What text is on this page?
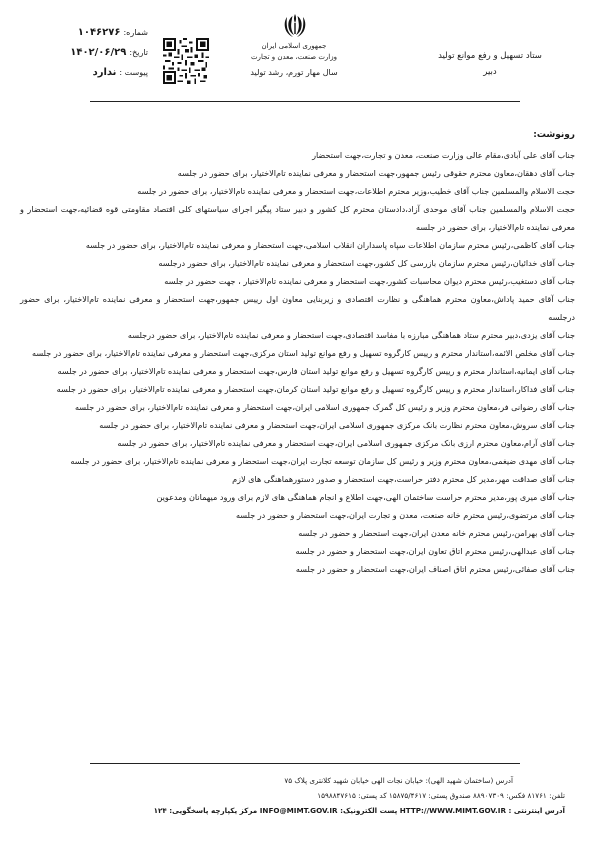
۱۰۴۶۲۷۶ شماره:
۱۴۰۲/۰۶/۲۹ تاریخ:
ندارد پیوست :
جمهوری اسلامی ایران
وزارت صنعت، معدن و تجارت
سال مهار تورم، رشد تولید
ستاد تسهیل و رفع موانع تولید
دبیر
رونوشت:

جناب آقای علی آبادی،مقام عالی وزارت صنعت، معدن و تجارت،جهت استحضار

جناب آقای دهقان،معاون محترم حقوقی رئیس جمهور،جهت استحضار و معرفی نماینده تام‌الاختیار، برای حضور در جلسه

حجت الاسلام والمسلمین جناب آقای خطیب،وزیر محترم اطلاعات،جهت استحضار و معرفی نماینده تام‌الاختیار، برای حضور در جلسه

حجت الاسلام والمسلمین جناب آقای موحدی آزاد،دادستان محترم کل کشور و دبیر ستاد پیگیر اجرای سیاستهای کلی اقتصاد مقاومتی قوه قضائیه،جهت استحضار و معرفی نماینده تام‌الاختیار، برای حضور در جلسه

جناب آقای کاظمی،رئیس محترم سازمان اطلاعات سپاه پاسداران انقلاب اسلامی،جهت استحضار و معرفی نماینده تام‌الاختیار، برای حضور در جلسه

جناب آقای خدائیان،رئیس محترم سازمان بازرسی کل کشور،جهت استحضار و معرفی نماینده تام‌الاختیار، برای حضور درجلسه

جناب آقای دستغیب،رئیس محترم دیوان محاسبات کشور،جهت استحضار و معرفی نماینده تام‌الاختیار ، جهت حضور در جلسه

جناب آقای حمید پاداش،معاون محترم هماهنگی و نظارت اقتصادی و زیربنایی معاون اول رییس جمهور،جهت استحضار و معرفی نماینده تام‌الاختیار، برای حضور درجلسه

جناب آقای یزدی،دبیر محترم ستاد هماهنگی مبارزه با مفاسد اقتصادی،جهت استحضار و معرفی نماینده تام‌الاختیار، برای حضور درجلسه

جناب آقای مخلص الائمه،استاندار محترم و رییس کارگروه تسهیل و رفع موانع تولید استان مرکزی،جهت استحضار و معرفی نماینده تام‌الاختیار، برای حضور در جلسه

جناب آقای ایمانیه،استاندار محترم و رییس کارگروه تسهیل و رفع موانع تولید استان فارس،جهت استحضار و معرفی نماینده تام‌الاختیار، برای حضور در جلسه

جناب آقای فداکار،استاندار محترم و رییس کارگروه تسهیل و رفع موانع تولید استان کرمان،جهت استحضار و معرفی نماینده تام‌الاختیار، برای حضور در جلسه

جناب آقای رضوانی فر،معاون محترم وزیر و رئیس کل گمرک جمهوری اسلامی ایران،جهت استحضار و معرفی نماینده تام‌الاختیار، برای حضور در جلسه

جناب آقای سروش،معاون محترم نظارت بانک مرکزی جمهوری اسلامی ایران،جهت استحضار و معرفی نماینده تام‌الاختیار، برای حضور در جلسه

جناب آقای آرام،معاون محترم ارزی بانک مرکزی جمهوری اسلامی ایران،جهت استحضار و معرفی نماینده تام‌الاختیار، برای حضور در جلسه

جناب آقای مهدی ضیغمی،معاون محترم وزیر و رئیس کل سازمان توسعه تجارت ایران،جهت استحضار و معرفی نماینده تام‌الاختیار، برای حضور در جلسه

جناب آقای صداقت مهر،مدیر کل محترم دفتر حراست،جهت استحضار و صدور دستورهماهنگی های لازم

جناب آقای میری پور،مدیر محترم حراست ساختمان الهی،جهت اطلاع و انجام هماهنگی های لازم برای ورود میهمانان ومدعوین

جناب آقای مرتضوی،رئیس محترم خانه صنعت، معدن و تجارت ایران،جهت استحضار و حضور در جلسه

جناب آقای بهرامن،رئیس محترم خانه معدن ایران،جهت استحضار و حضور در جلسه

جناب آقای عبدالهی،رئیس محترم اتاق تعاون ایران،جهت استحضار و حضور در جلسه

جناب آقای صفائی،رئیس محترم اتاق اصناف ایران،جهت استحضار و حضور در جلسه

آدرس (ساختمان شهید الهی): خیابان نجات الهی خیابان شهید کلانتری پلاک ۷۵
تلفن: ۸۱۷۶۱ فکس: ۸۸۹۰۷۳۰۹ صندوق پستی: ۱۵۸۷۵/۴۶۱۷ کد پستی: ۱۵۹۸۸۴۷۶۱۵
آدرس اینترنتی : HTTP://WWW.MIMT.GOV.IR پست الکترونیک: INFO@MIMT.GOV.IR مرکز یکپارچه پاسخگویی: ۱۲۴
